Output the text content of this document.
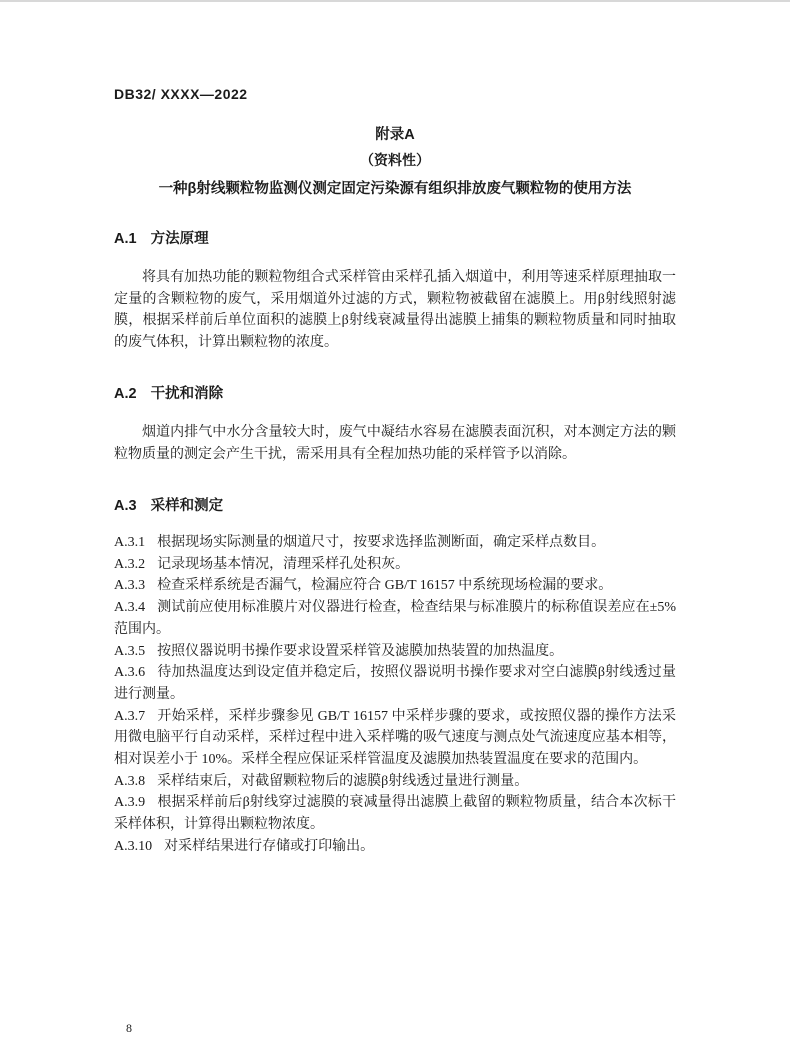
DB32/ XXXX—2022
附录A
（资料性）
一种β射线颗粒物监测仪测定固定污染源有组织排放废气颗粒物的使用方法
A.1 方法原理

将具有加热功能的颗粒物组合式采样管由采样孔插入烟道中，利用等速采样原理抽取一定量的含颗粒物的废气，采用烟道外过滤的方式，颗粒物被截留在滤膜上。用β射线照射滤膜，根据采样前后单位面积的滤膜上β射线衰减量得出滤膜上捕集的颗粒物质量和同时抽取的废气体积，计算出颗粒物的浓度。

A.2 干扰和消除

烟道内排气中水分含量较大时，废气中凝结水容易在滤膜表面沉积，对本测定方法的颗粒物质量的测定会产生干扰，需采用具有全程加热功能的采样管予以消除。

A.3 采样和测定

A.3.1 根据现场实际测量的烟道尺寸，按要求选择监测断面，确定采样点数目。

A.3.2 记录现场基本情况，清理采样孔处积灰。

A.3.3 检查采样系统是否漏气，检漏应符合 GB/T 16157 中系统现场检漏的要求。

A.3.4 测试前应使用标准膜片对仪器进行检查，检查结果与标准膜片的标称值误差应在±5%范围内。

A.3.5 按照仪器说明书操作要求设置采样管及滤膜加热装置的加热温度。

A.3.6 待加热温度达到设定值并稳定后，按照仪器说明书操作要求对空白滤膜β射线透过量进行测量。

A.3.7 开始采样，采样步骤参见 GB/T 16157 中采样步骤的要求，或按照仪器的操作方法采用微电脑平行自动采样，采样过程中进入采样嘴的吸气速度与测点处气流速度应基本相等，相对误差小于 10%。采样全程应保证采样管温度及滤膜加热装置温度在要求的范围内。

A.3.8 采样结束后，对截留颗粒物后的滤膜β射线透过量进行测量。

A.3.9 根据采样前后β射线穿过滤膜的衰减量得出滤膜上截留的颗粒物质量，结合本次标干采样体积，计算得出颗粒物浓度。

A.3.10 对采样结果进行存储或打印输出。

8
